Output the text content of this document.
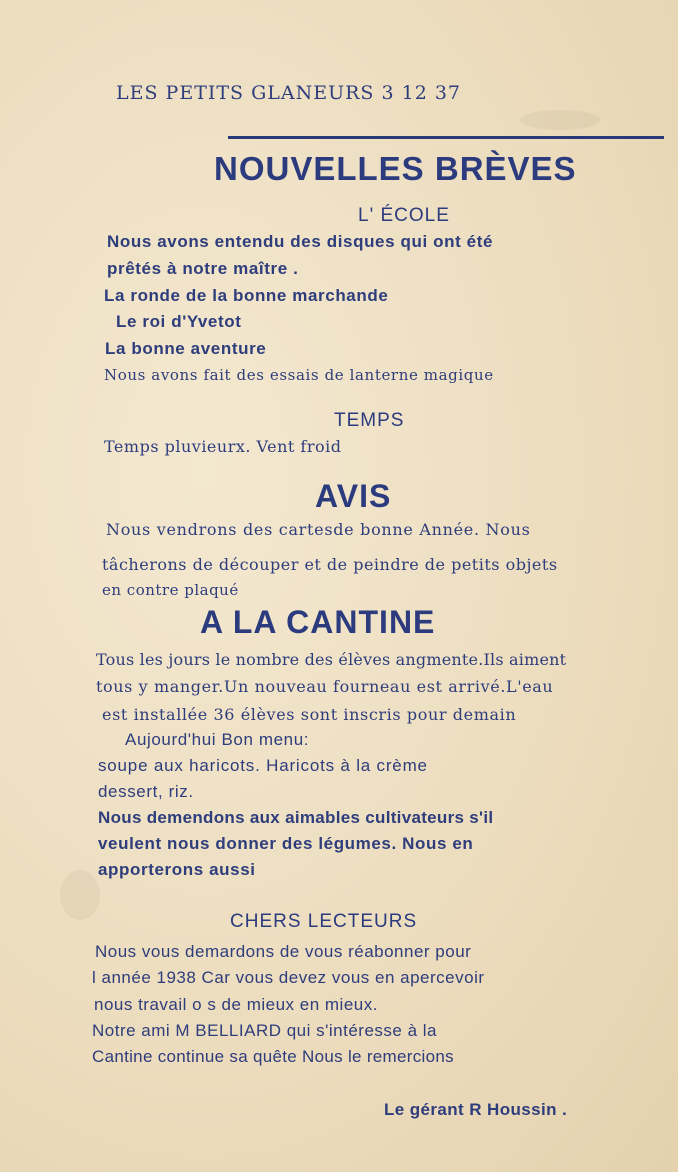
LES PETITS GLANEURS 3 12 37
NOUVELLES BRÈVES
L' ÉCOLE
Nous avons entendu des disques qui ont été
prêtés à notre maître .
La ronde de la bonne marchande
Le roi d'Yvetot
La bonne aventure
Nous avons fait des essais de lanterne magique
TEMPS
Temps pluvieurx. Vent froid
AVIS
Nous vendrons des cartesde bonne Année. Nous
tâcherons de découper et de peindre de petits objets
en contre plaqué
A LA CANTINE
Tous les jours le nombre des élèves angmente.Ils aiment
tous y manger.Un nouveau fourneau est arrivé.L'eau
est installée 36 élèves sont inscris pour demain
Aujourd'hui Bon menu:
soupe aux haricots. Haricots à la crème
dessert, riz.
Nous demendons aux aimables cultivateurs s'il
veulent nous donner des légumes. Nous en
apporterons aussi
CHERS LECTEURS
Nous vous demardons de vous réabonner pour
l année 1938 Car vous devez vous en apercevoir
nous travail o s de mieux en mieux.
Notre ami M BELLIARD qui s'intéresse à la
Cantine continue sa quête Nous le remercions
Le gérant R Houssin .
